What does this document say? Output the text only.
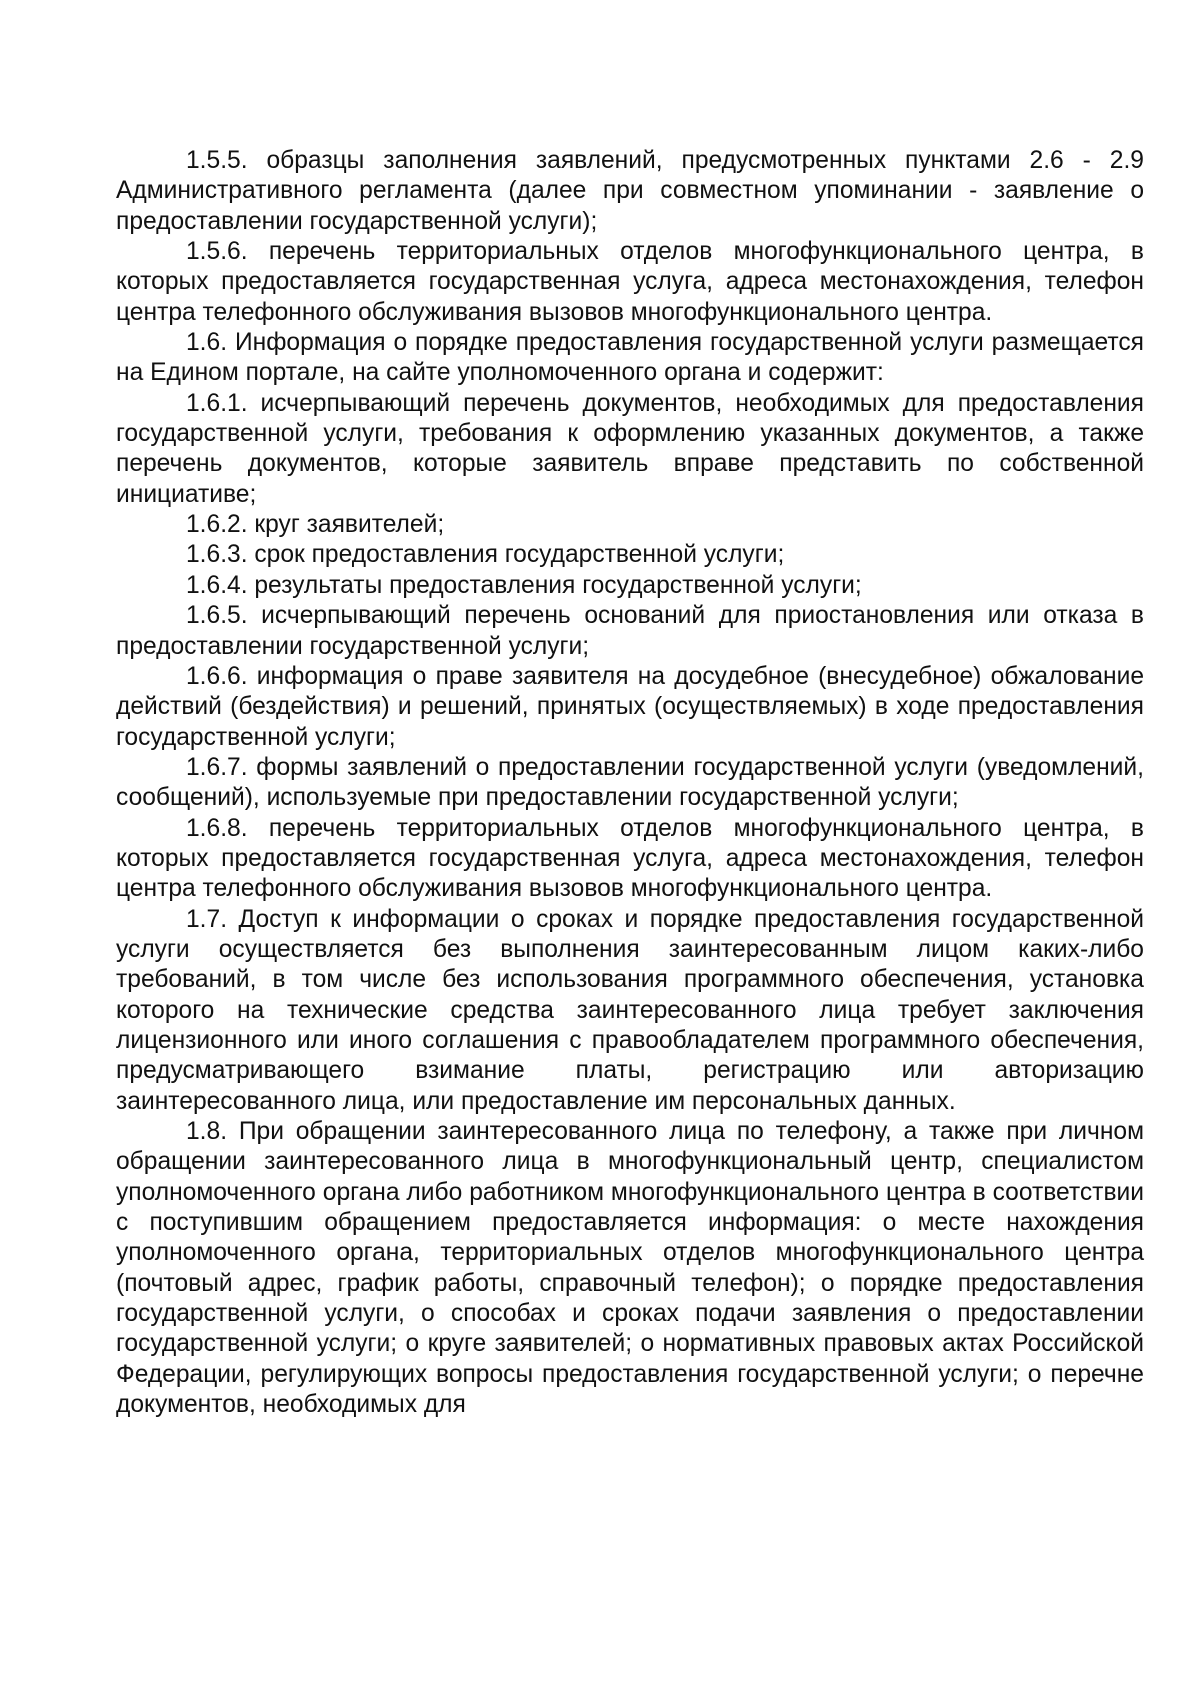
1.5.5. образцы заполнения заявлений, предусмотренных пунктами 2.6 - 2.9 Административного регламента (далее при совместном упоминании - заявление о предоставлении государственной услуги);

1.5.6. перечень территориальных отделов многофункционального центра, в которых предоставляется государственная услуга, адреса местонахождения, телефон центра телефонного обслуживания вызовов многофункционального центра.

1.6. Информация о порядке предоставления государственной услуги размещается на Едином портале, на сайте уполномоченного органа и содержит:

1.6.1. исчерпывающий перечень документов, необходимых для предоставления государственной услуги, требования к оформлению указанных документов, а также перечень документов, которые заявитель вправе представить по собственной инициативе;

1.6.2. круг заявителей;

1.6.3. срок предоставления государственной услуги;

1.6.4. результаты предоставления государственной услуги;

1.6.5. исчерпывающий перечень оснований для приостановления или отказа в предоставлении государственной услуги;

1.6.6. информация о праве заявителя на досудебное (внесудебное) обжалование действий (бездействия) и решений, принятых (осуществляемых) в ходе предоставления государственной услуги;

1.6.7. формы заявлений о предоставлении государственной услуги (уведомлений, сообщений), используемые при предоставлении государственной услуги;

1.6.8. перечень территориальных отделов многофункционального центра, в которых предоставляется государственная услуга, адреса местонахождения, телефон центра телефонного обслуживания вызовов многофункционального центра.

1.7. Доступ к информации о сроках и порядке предоставления государственной услуги осуществляется без выполнения заинтересованным лицом каких-либо требований, в том числе без использования программного обеспечения, установка которого на технические средства заинтересованного лица требует заключения лицензионного или иного соглашения с правообладателем программного обеспечения, предусматривающего взимание платы, регистрацию или авторизацию заинтересованного лица, или предоставление им персональных данных.

1.8. При обращении заинтересованного лица по телефону, а также при личном обращении заинтересованного лица в многофункциональный центр, специалистом уполномоченного органа либо работником многофункционального центра в соответствии с поступившим обращением предоставляется информация: о месте нахождения уполномоченного органа, территориальных отделов многофункционального центра (почтовый адрес, график работы, справочный телефон); о порядке предоставления государственной услуги, о способах и сроках подачи заявления о предоставлении государственной услуги; о круге заявителей; о нормативных правовых актах Российской Федерации, регулирующих вопросы предоставления государственной услуги; о перечне документов, необходимых для
